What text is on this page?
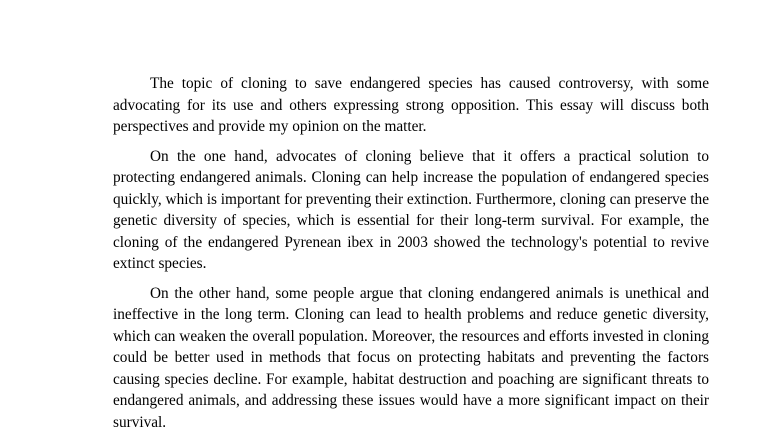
The topic of cloning to save endangered species has caused controversy, with some advocating for its use and others expressing strong opposition. This essay will discuss both perspectives and provide my opinion on the matter.

On the one hand, advocates of cloning believe that it offers a practical solution to protecting endangered animals. Cloning can help increase the population of endangered species quickly, which is important for preventing their extinction. Furthermore, cloning can preserve the genetic diversity of species, which is essential for their long-term survival. For example, the cloning of the endangered Pyrenean ibex in 2003 showed the technology's potential to revive extinct species.

On the other hand, some people argue that cloning endangered animals is unethical and ineffective in the long term. Cloning can lead to health problems and reduce genetic diversity, which can weaken the overall population. Moreover, the resources and efforts invested in cloning could be better used in methods that focus on protecting habitats and preventing the factors causing species decline. For example, habitat destruction and poaching are significant threats to endangered animals, and addressing these issues would have a more significant impact on their survival.
